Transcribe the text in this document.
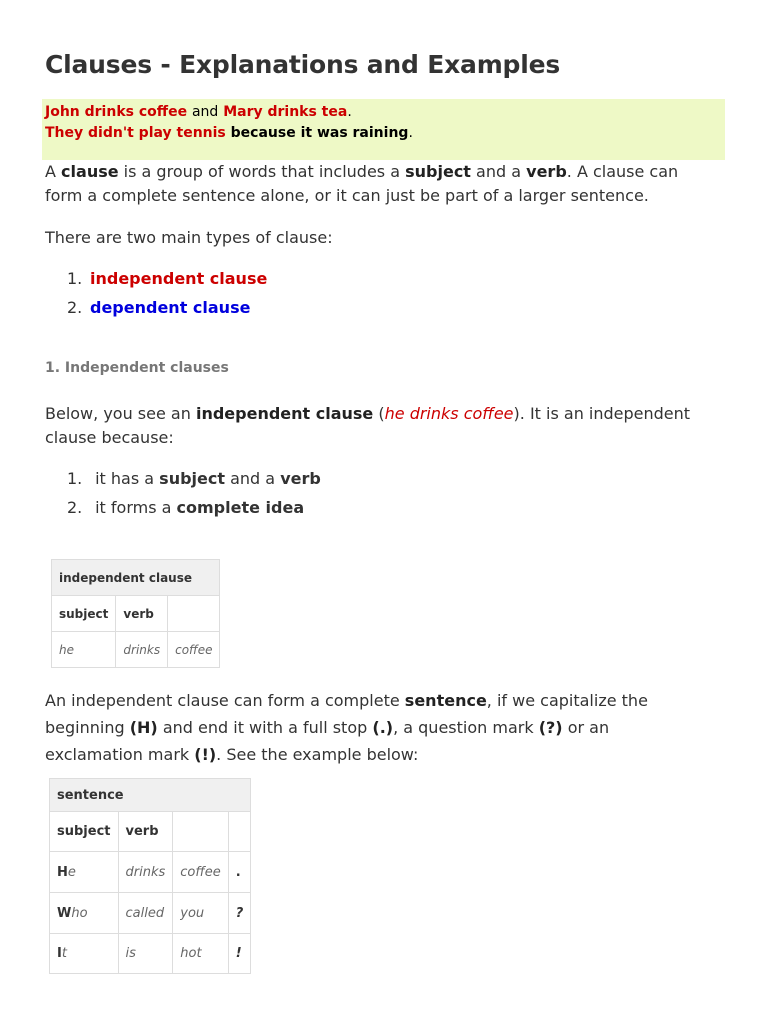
Clauses - Explanations and Examples
John drinks coffee and Mary drinks tea.
They didn't play tennis because it was raining.
A clause is a group of words that includes a subject and a verb. A clause can form a complete sentence alone, or it can just be part of a larger sentence.
There are two main types of clause:
1. independent clause
2. dependent clause
1. Independent clauses
Below, you see an independent clause (he drinks coffee). It is an independent clause because:
1. it has a subject and a verb
2. it forms a complete idea
independent clause		
subject	verb	
he	drinks	coffee
An independent clause can form a complete sentence, if we capitalize the beginning (H) and end it with a full stop (.), a question mark (?) or an exclamation mark (!). See the example below:
sentence			
subject	verb		
He	drinks	coffee	.
Who	called	you	?
It	is	hot	!
